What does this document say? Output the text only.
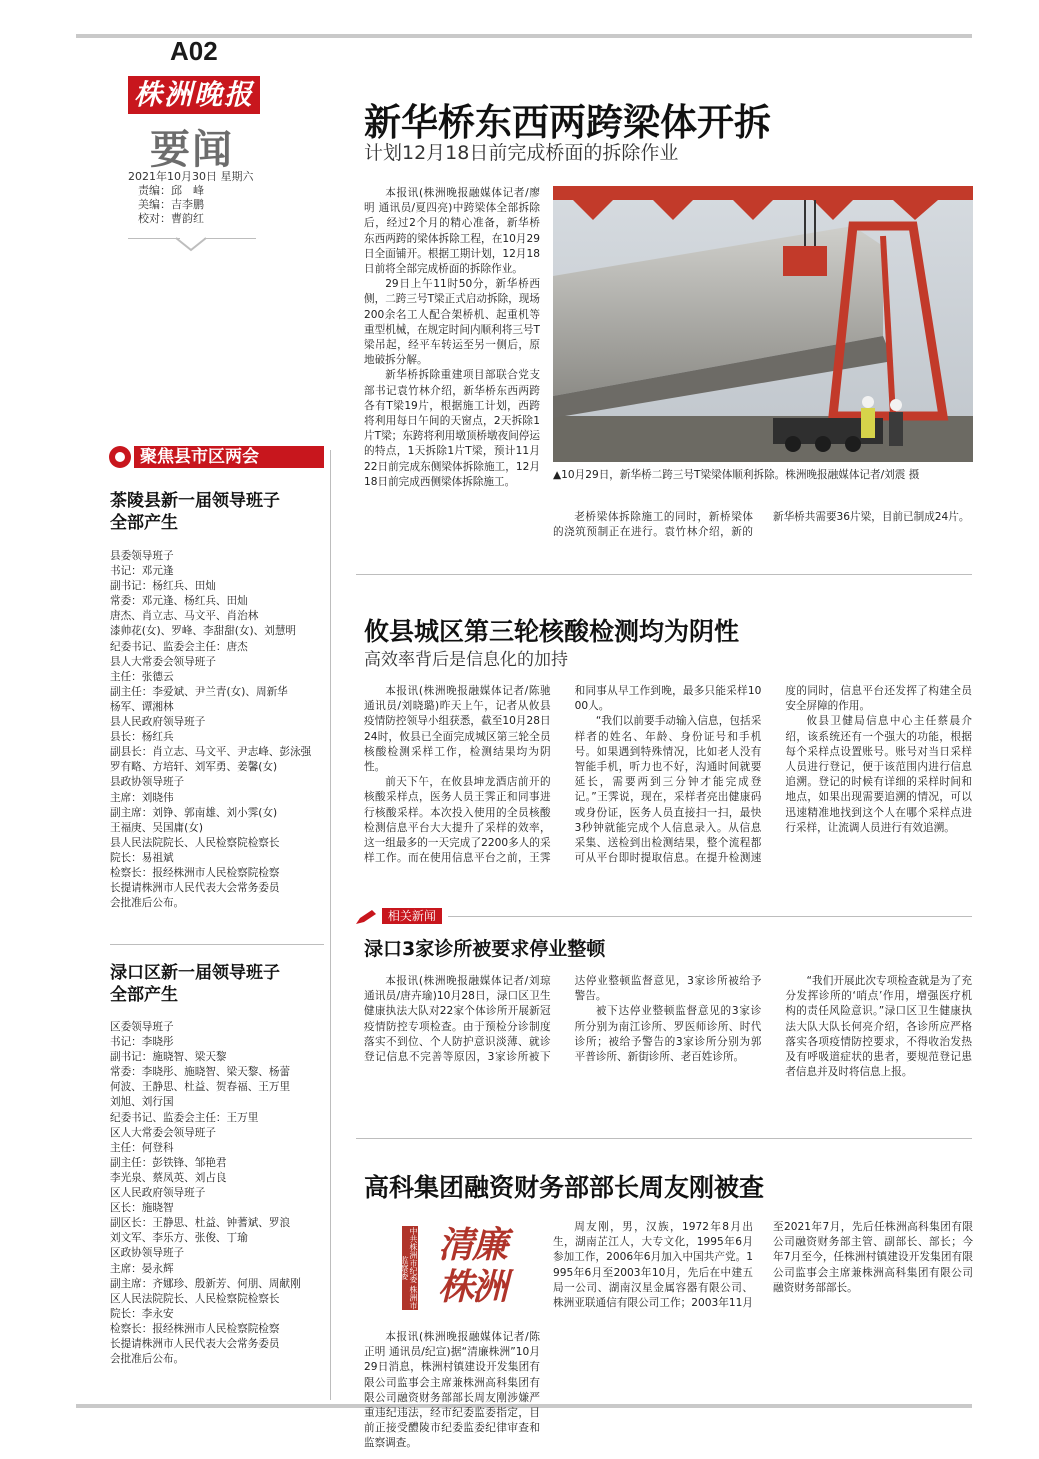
A02
株洲晚报
要闻
2021年10月30日 星期六
责编：邱　峰
美编：吉李鹏
校对：曹韵红
新华桥东西两跨梁体开拆
计划12月18日前完成桥面的拆除作业

本报讯(株洲晚报融媒体记者/廖明 通讯员/夏四亮)中跨梁体全部拆除后，经过2个月的精心准备，新华桥东西两跨的梁体拆除工程，在10月29日全面铺开。根据工期计划，12月18日前将全部完成桥面的拆除作业。

29日上午11时50分，新华桥西侧，二跨三号T梁正式启动拆除，现场200余名工人配合架桥机、起重机等重型机械，在规定时间内顺利将三号T梁吊起，经平车转运至另一侧后，原地破拆分解。

新华桥拆除重建项目部联合党支部书记袁竹林介绍，新华桥东西两跨各有T梁19片，根据施工计划，西跨将利用每日午间的天窗点，2天拆除1片T梁；东跨将利用墩顶桥墩夜间停运的特点，1天拆除1片T梁，预计11月22日前完成东侧梁体拆除施工，12月18日前完成西侧梁体拆除施工。

▲10月29日，新华桥二跨三号T梁梁体顺利拆除。株洲晚报融媒体记者/刘震 摄

老桥梁体拆除施工的同时，新桥梁体的浇筑预制正在进行。袁竹林介绍，新的新华桥共需要36片梁，目前已制成24片。

攸县城区第三轮核酸检测均为阴性
高效率背后是信息化的加持

本报讯(株洲晚报融媒体记者/陈驰 通讯员/刘晓璐)昨天上午，记者从攸县疫情防控领导小组获悉，截至10月28日24时，攸县已全面完成城区第三轮全员核酸检测采样工作，检测结果均为阴性。

前天下午，在攸县坤龙酒店前开的核酸采样点，医务人员王霁正和同事进行核酸采样。本次投入使用的全员核酸检测信息平台大大提升了采样的效率，这一组最多的一天完成了2200多人的采样工作。而在使用信息平台之前，王霁和同事从早工作到晚，最多只能采样1000人。

“我们以前要手动输入信息，包括采样者的姓名、年龄、身份证号和手机号。如果遇到特殊情况，比如老人没有智能手机，听力也不好，沟通时间就要延长，需要两到三分钟才能完成登记。”王霁说，现在，采样者亮出健康码或身份证，医务人员直接扫一扫，最快3秒钟就能完成个人信息录入。从信息采集、送检到出检测结果，整个流程都可从平台即时提取信息。在提升检测速度的同时，信息平台还发挥了构建全员安全屏障的作用。

攸县卫健局信息中心主任蔡晨介绍，该系统还有一个强大的功能，根据每个采样点设置账号。账号对当日采样人员进行登记，便于该范围内进行信息追溯。登记的时候有详细的采样时间和地点，如果出现需要追溯的情况，可以迅速精准地找到这个人在哪个采样点进行采样，让流调人员进行有效追溯。

相关新闻
渌口3家诊所被要求停业整顿

本报讯(株洲晚报融媒体记者/刘琼 通讯员/唐卉瑜)10月28日，渌口区卫生健康执法大队对22家个体诊所开展新冠疫情防控专项检查。由于预检分诊制度落实不到位、个人防护意识淡薄、就诊登记信息不完善等原因，3家诊所被下达停业整顿监督意见，3家诊所被给予警告。

被下达停业整顿监督意见的3家诊所分别为南江诊所、罗医师诊所、时代诊所；被给予警告的3家诊所分别为郭平普诊所、新街诊所、老百姓诊所。

“我们开展此次专项检查就是为了充分发挥诊所的‘哨点’作用，增强医疗机构的责任风险意识。”渌口区卫生健康执法大队大队长何亮介绍，各诊所应严格落实各项疫情防控要求，不得收治发热及有呼吸道症状的患者，要规范登记患者信息并及时将信息上报。

高科集团融资财务部部长周友刚被查
中共株洲市纪委 株洲市监察委
清廉株洲

本报讯(株洲晚报融媒体记者/陈正明 通讯员/纪宣)据“清廉株洲”10月29日消息，株洲村镇建设开发集团有限公司监事会主席兼株洲高科集团有限公司融资财务部部长周友刚涉嫌严重违纪违法，经市纪委监委指定，目前正接受醴陵市纪委监委纪律审查和监察调查。

周友刚，男，汉族，1972年8月出生，湖南芷江人，大专文化，1995年6月参加工作，2006年6月加入中国共产党。1995年6月至2003年10月，先后在中建五局一公司、湖南汉星金属容器有限公司、株洲亚联通信有限公司工作；2003年11月至2021年7月，先后任株洲高科集团有限公司融资财务部主管、副部长、部长；今年7月至今，任株洲村镇建设开发集团有限公司监事会主席兼株洲高科集团有限公司融资财务部部长。

聚焦县市区两会
茶陵县新一届领导班子
全部产生
县委领导班子
书记：邓元逢
副书记：杨红兵、田灿
常委：邓元逢、杨红兵、田灿
唐杰、肖立志、马文平、肖治林
漆帅花(女)、罗峰、李甜甜(女)、刘慧明
纪委书记、监委会主任：唐杰
县人大常委会领导班子
主任：张德云
副主任：李爱斌、尹兰青(女)、周新华
杨军、谭湘林
县人民政府领导班子
县长：杨红兵
副县长：肖立志、马文平、尹志峰、彭泳强
罗有略、方培轩、刘军勇、姜馨(女)
县政协领导班子
主席：刘晓伟
副主席：刘铮、郭南雄、刘小霁(女)
王福庚、吴国庸(女)
县人民法院院长、人民检察院检察长
院长：易祖斌
检察长：报经株洲市人民检察院检察
长提请株洲市人民代表大会常务委员
会批准后公布。
渌口区新一届领导班子
全部产生
区委领导班子
书记：李晓彤
副书记：施晓智、梁天黎
常委：李晓彤、施晓智、梁天黎、杨蕾
何波、王静思、杜益、贺春福、王万里
刘旭、刘行国
纪委书记、监委会主任：王万里
区人大常委会领导班子
主任：何登科
副主任：彭铁锋、邹艳君
李光泉、蔡凤英、刘占良
区人民政府领导班子
区长：施晓智
副区长：王静思、杜益、钟蓍斌、罗浪
刘文军、李乐方、张俊、丁瑜
区政协领导班子
主席：晏永辉
副主席：齐娜珍、殷新芳、何朋、周献刚
区人民法院院长、人民检察院检察长
院长：李永安
检察长：报经株洲市人民检察院检察
长提请株洲市人民代表大会常务委员
会批准后公布。
